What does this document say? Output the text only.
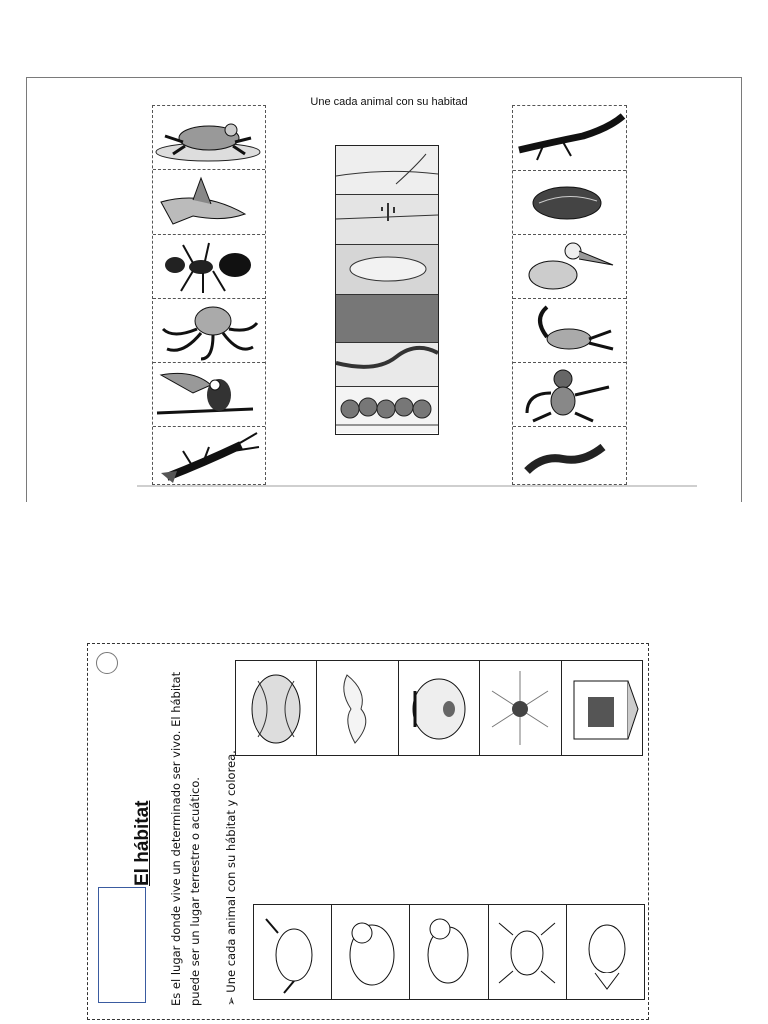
Une cada animal con su habitad
El hábitat Es el lugar donde vive un determinado ser vivo. El hábitat puede ser un lugar terrestre o acuático. ➢ Une cada animal con su hábitat y colorea.
